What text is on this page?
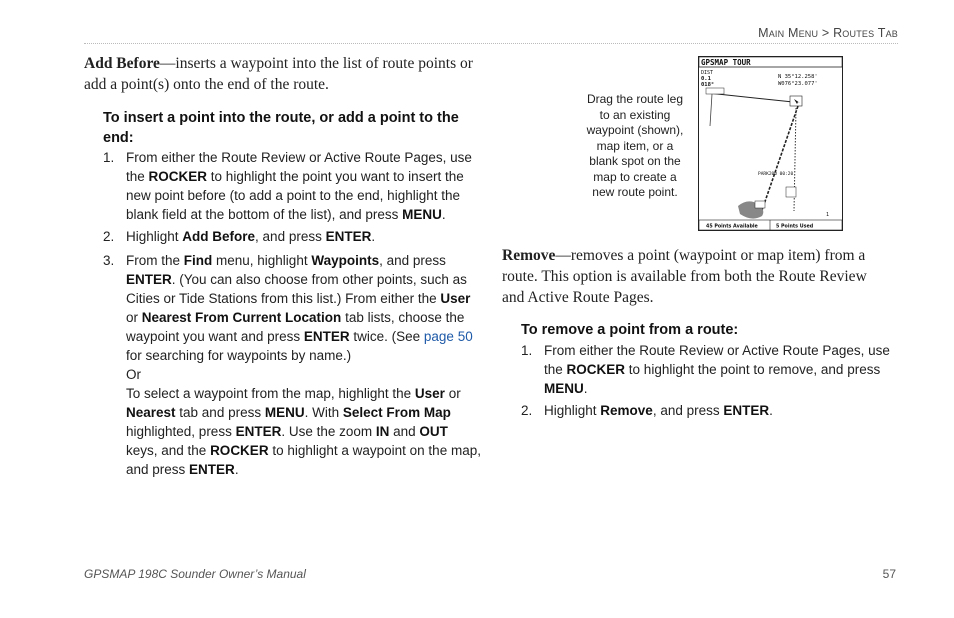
Main Menu > Routes Tab
Add Before—inserts a waypoint into the list of route points or add a point(s) onto the end of the route.
To insert a point into the route, or add a point to the end:
1. From either the Route Review or Active Route Pages, use the ROCKER to highlight the point you want to insert the new point before (to add a point to the end, highlight the blank field at the bottom of the list), and press MENU.
2. Highlight Add Before, and press ENTER.
3. From the Find menu, highlight Waypoints, and press ENTER. (You can also choose from other points, such as Cities or Tide Stations from this list.) From either the User or Nearest From Current Location tab lists, choose the waypoint you want and press ENTER twice. (See page 50 for searching for waypoints by name.)
Or
To select a waypoint from the map, highlight the User or Nearest tab and press MENU. With Select From Map highlighted, press ENTER. Use the zoom IN and OUT keys, and the ROCKER to highlight a waypoint on the map, and press ENTER.
Drag the route leg to an existing waypoint (shown), map item, or a blank spot on the map to create a new route point.
GPSMAP TOUR
DIST
0.1
018°
N 35°12.258'
W076°23.077'
PARK200 00:20
1
45 Points Available	5 Points Used
Remove—removes a point (waypoint or map item) from a route. This option is available from both the Route Review and Active Route Pages.
To remove a point from a route:
1. From either the Route Review or Active Route Pages, use the ROCKER to highlight the point to remove, and press MENU.
2. Highlight Remove, and press ENTER.
GPSMAP 198C Sounder Owner’s Manual	57
